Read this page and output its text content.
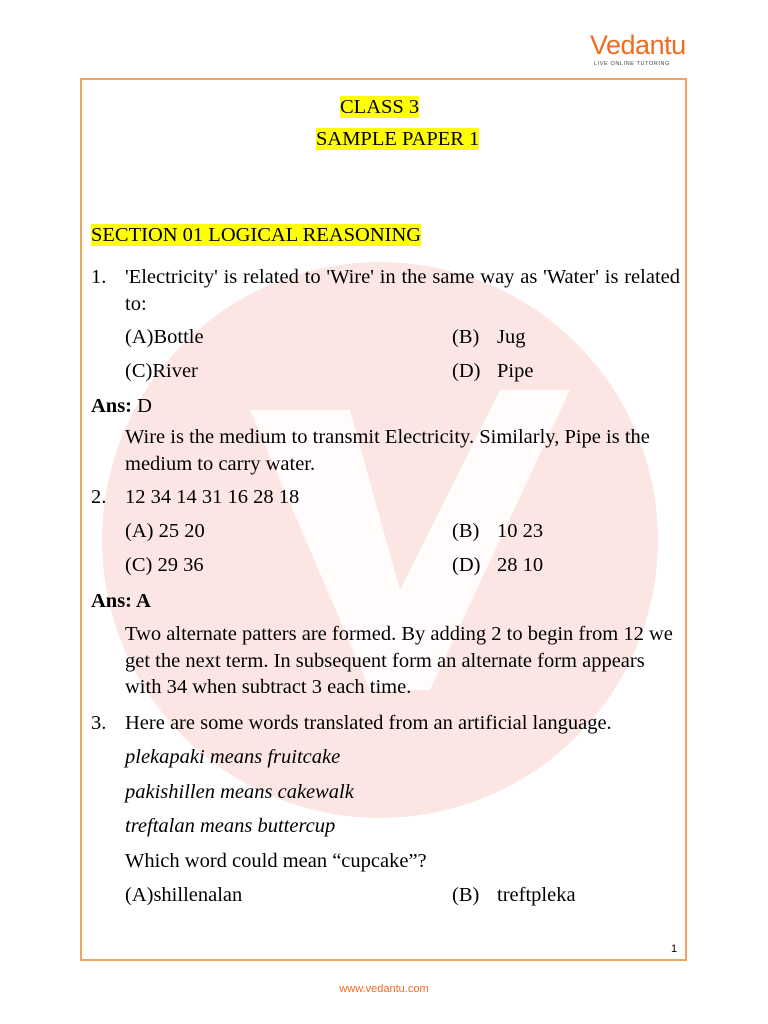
Vedantu
LIVE ONLINE TUTORING
CLASS 3
SAMPLE PAPER 1
SECTION 01 LOGICAL REASONING
1. 'Electricity' is related to 'Wire' in the same way as 'Water' is related to:
(A)Bottle	(B) Jug
(C)River	(D) Pipe
Ans: D
Wire is the medium to transmit Electricity. Similarly, Pipe is the medium to carry water.
2. 12 34 14 31 16 28 18
(A) 25 20	(B) 10 23
(C) 29 36	(D) 28 10
Ans: A
Two alternate patters are formed. By adding 2 to begin from 12 we get the next term. In subsequent form an alternate form appears with 34 when subtract 3 each time.
3. Here are some words translated from an artificial language.
plekapaki means fruitcake
pakishillen means cakewalk
treftalan means buttercup
Which word could mean “cupcake”?
(A)shillenalan	(B) treftpleka
1
www.vedantu.com
